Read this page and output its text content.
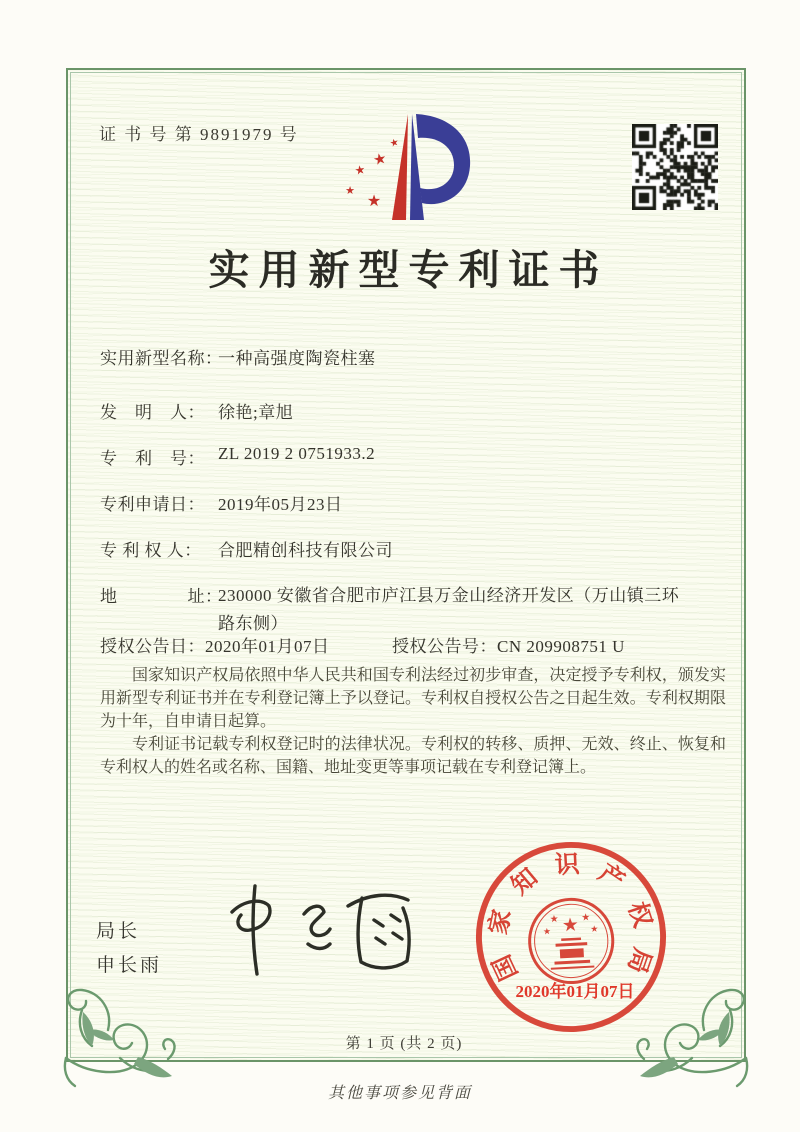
证 书 号 第 9891979 号	★
★
★
★
★
实用新型专利证书
实用新型名称：一种高强度陶瓷柱塞
发　明　人： 徐艳;章旭
专　利　号： ZL 2019 2 0751933.2
专利申请日： 2019年05月23日
专 利 权 人： 合肥精创科技有限公司
地　　　　址：230000 安徽省合肥市庐江县万金山经济开发区（万山镇三环路东侧）
授权公告日：2020年01月07日	授权公告号：CN 209908751 U

国家知识产权局依照中华人民共和国专利法经过初步审查，决定授予专利权，颁发实用新型专利证书并在专利登记簿上予以登记。专利权自授权公告之日起生效。专利权期限为十年，自申请日起算。

专利证书记载专利权登记时的法律状况。专利权的转移、质押、无效、终止、恢复和专利权人的姓名或名称、国籍、地址变更等事项记载在专利登记簿上。

局长
申长雨	国
家
知 识 产
权
局
★
★ ★
★	★
2020年01月07日
第 1 页 (共 2 页)
其他事项参见背面
